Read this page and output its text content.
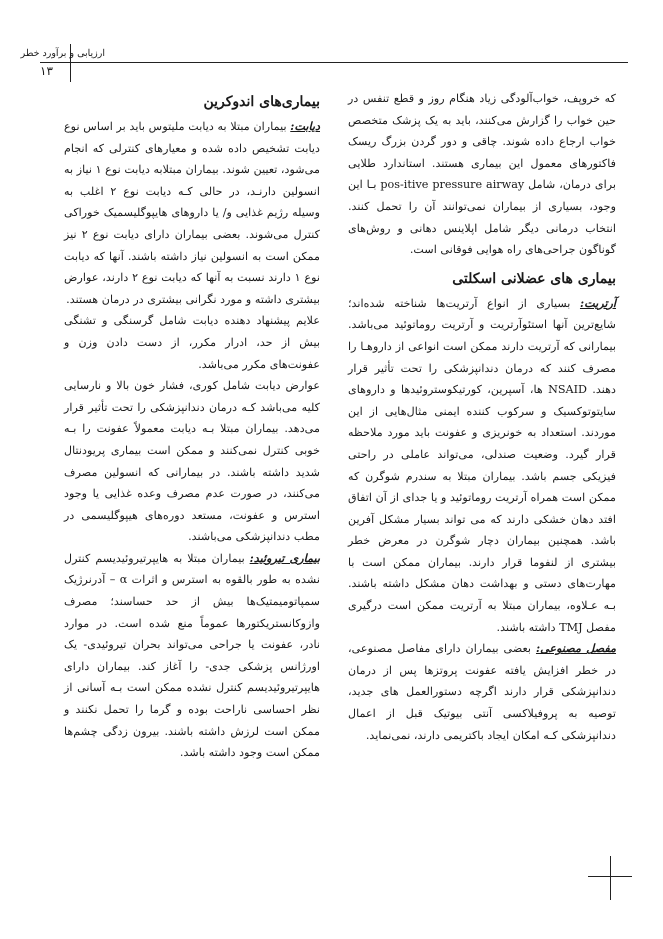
ارزیابی و برآورد خطر
۱۳

که خروپف، خواب‌آلودگی زیاد هنگام روز و قطع تنفس در حین خواب را گزارش می‌کنند، باید به یک پزشک متخصص خواب ارجاع داده شوند. چاقی و دور گردن بزرگ ریسک فاکتورهای معمول این بیماری هستند. استاندارد طلایی برای درمان، شامل pos-itive pressure airway بـا این وجود، بسیاری از بیماران نمی‌توانند آن را تحمل کنند. انتخاب درمانی دیگر شامل اپلاینس دهانی و روش‌های گوناگون جراحی‌های راه هوایی فوقانی است.

بیماری های عضلانی اسکلتی

آرتریت: بسیاری از انواع آرتریت‌ها شناخته شده‌اند؛ شایع‌ترین آنها استئوآرتریت و آرتریت روماتوئید می‌باشد. بیمارانی که آرتریت دارند ممکن است انواعی از داروهـا را مصرف کنند که درمان دندانپزشکی را تحت تأثیر قرار دهند. NSAID ها، آسپرین، کورتیکوستروئیدها و داروهای سایتوتوکسیک و سرکوب کننده ایمنی مثال‌هایی از این موردند. استعداد به خونریزی و عفونت باید مورد ملاحظه قرار گیرد. وضعیت صندلی، می‌تواند عاملی در راحتی فیزیکی جسم باشد. بیماران مبتلا به سندرم شوگرن که ممکن است همراه آرتریت روماتوئید و یا جدای از آن اتفاق افتد دهان خشکی دارند که می تواند بسیار مشکل آفرین باشد. همچنین بیماران دچار شوگرن در معرض خطر بیشتری از لنفوما قرار دارند. بیماران ممکن است با مهارت‌های دستی و بهداشت دهان مشکل داشته باشند. بـه عـلاوه، بیماران مبتلا به آرتریت ممکن است درگیری مفصل TMJ داشته باشند.

مفصل مصنوعی: بعضی بیماران دارای مفاصل مصنوعی، در خطر افزایش یافته عفونت پروتزها پس از درمان دندانپزشکی قرار دارند اگرچه دستورالعمل های جدید، توصیه به پروفیلاکسی آنتی بیوتیک قبل از اعمال دندانپزشکی کـه امکان ایجاد باکتریمی دارند، نمی‌نماید.

بیماری‌های اندوکرین

دیابت: بیماران مبتلا به دیابت ملیتوس باید بر اساس نوع دیابت تشخیص داده شده و معیارهای کنترلی که انجام می‌شود، تعیین شوند. بیماران مبتلابه دیابت نوع ۱ نیاز به انسولین دارنـد، در حالی کـه دیابت نوع ۲ اغلب به وسیله رژیم غذایی و/ یا داروهای هایپوگلیسمیک خوراکی کنترل می‌شوند. بعضی بیماران دارای دیابت نوع ۲ نیز ممکن است به انسولین نیاز داشته باشند. آنها که دیابت نوع ۱ دارند نسبت به آنها که دیابت نوع ۲ دارند، عوارض بیشتری داشته و مورد نگرانی بیشتری در درمان هستند.

علایم پیشنهاد دهنده دیابت شامل گرسنگی و تشنگی بیش از حد، ادرار مکرر، از دست دادن وزن و عفونت‌های مکرر می‌باشد.

عوارض دیابت شامل کوری، فشار خون بالا و نارسایی کلیه می‌باشد کـه درمان دندانپزشکی را تحت تأثیر قرار می‌دهد. بیماران مبتلا بـه دیابت معمولاً عفونت را بـه خوبی کنترل نمی‌کنند و ممکن است بیماری پریودنتال شدید داشته باشند. در بیمارانی که انسولین مصرف می‌کنند، در صورت عدم مصرف وعده غذایی یا وجود استرس و عفونت، مستعد دوره‌های هیپوگلیسمی در مطب دندانپزشکی می‌باشند.

بیماری تیروئید: بیماران مبتلا به هایپرتیروئیدیسم کنترل نشده به طور بالقوه به استرس و اثرات α – آدرنرژیک سمپاتومیمتیک‌ها بیش از حد حساسند؛ مصرف وازوکانستریکتورها عموماً منع شده است. در موارد نادر، عفونت یا جراحی می‌تواند بحران تیروئیدی- یک اورژانس پزشکی جدی- را آغاز کند. بیماران دارای هایپرتیروئیدیسم کنترل نشده ممکن است بـه آسانی از نظر احساسی ناراحت بوده و گرما را تحمل نکنند و ممکن است لرزش داشته باشند. بیرون زدگی چشم‌ها ممکن است وجود داشته باشد.
